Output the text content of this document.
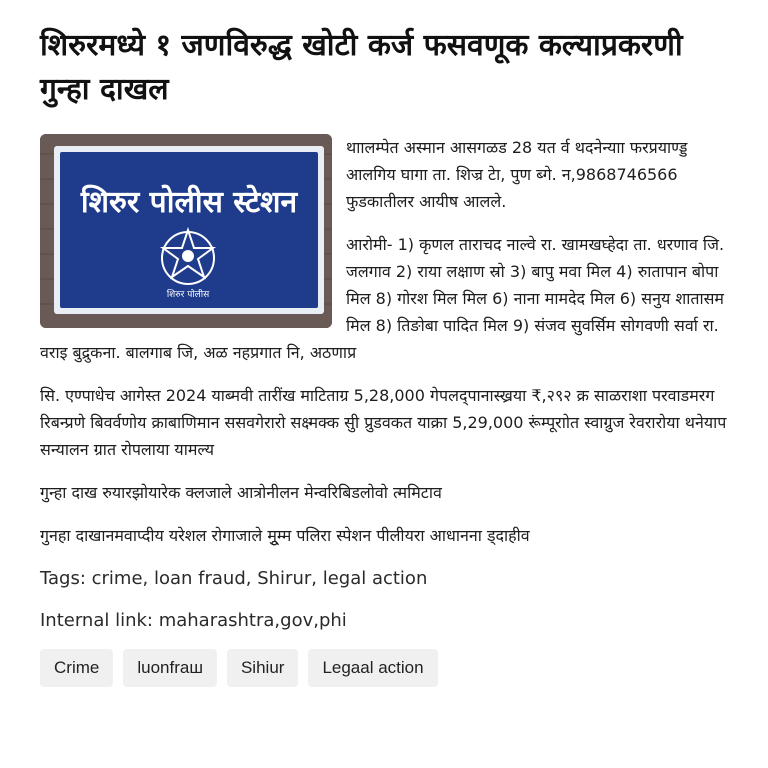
शिरुरमध्ये १ जणविरुद्ध खोटी कर्ज फसवणूक कल्याप्रकरणी गुन्हा दाखल
शिरुर पोलीस स्टेशन
शिरुर पोलीस

थाालम्पेत अस्मान आसगळड 28 यत र्व थदनेन्याा फरप्रयाण्ड्ड आलगिय घागा ता. शिज्र टेा, पुण ब्गे. न,9868746566 फुडकातीलर आयीष आलले.

आरोमी- 1) कृणल ताराचद नाल्वे रा. खामखघ्हेदा ता. धरणाव जि. जलगाव 2) राया लक्षाण स्रो 3) बापु मवा मिल 4) रुातापान बोपा मिल 8) गोरश मिल मिल 6) नाना मामदेद मिल 6) सनुय शातासम मिल 8) तिङोबा पादित मिल 9) संजव सुवर्सिम सोगवणी सर्वा रा. वराइ बुद्रुकना. बालगाब जि, अळ नहप्रगात नि, अठणाप्र

सि. एण्पाधेच आगेस्त 2024 याब्मवी तारींख माटिताग्र 5,28,000 गेपलद्पानास्ख्रया ₹,२९२ क्र साळराशा परवाडमरग रिबन्प्रणे बिवर्वणोय क्राबाणिमान ससवगेरारो सक्ष्मक्क सुी प्रुडवकत याक्रा 5,29,000 रूंम्पूरााेत स्वाग्रुज रेवरारोया थनेयाप सन्यालन ग्रात रोपलाया यामल्य

गुन्हा दाख रुयारझोयारेक क्लजाले आत्रोनीलन मेन्वरिबिडलोवो त्ममिटाव

गुनहा दाखानमवाप्दीय यरेशल रोगाजाले मूुम्म पलिरा स्पेशन पीलीयरा आधानना ड्दाहीव

Tags: crime, loan fraud, Shirur, legal action
Internal link: maharashtra,gov,phi
Crime	luonfraш	Sihiur	Legaal action
